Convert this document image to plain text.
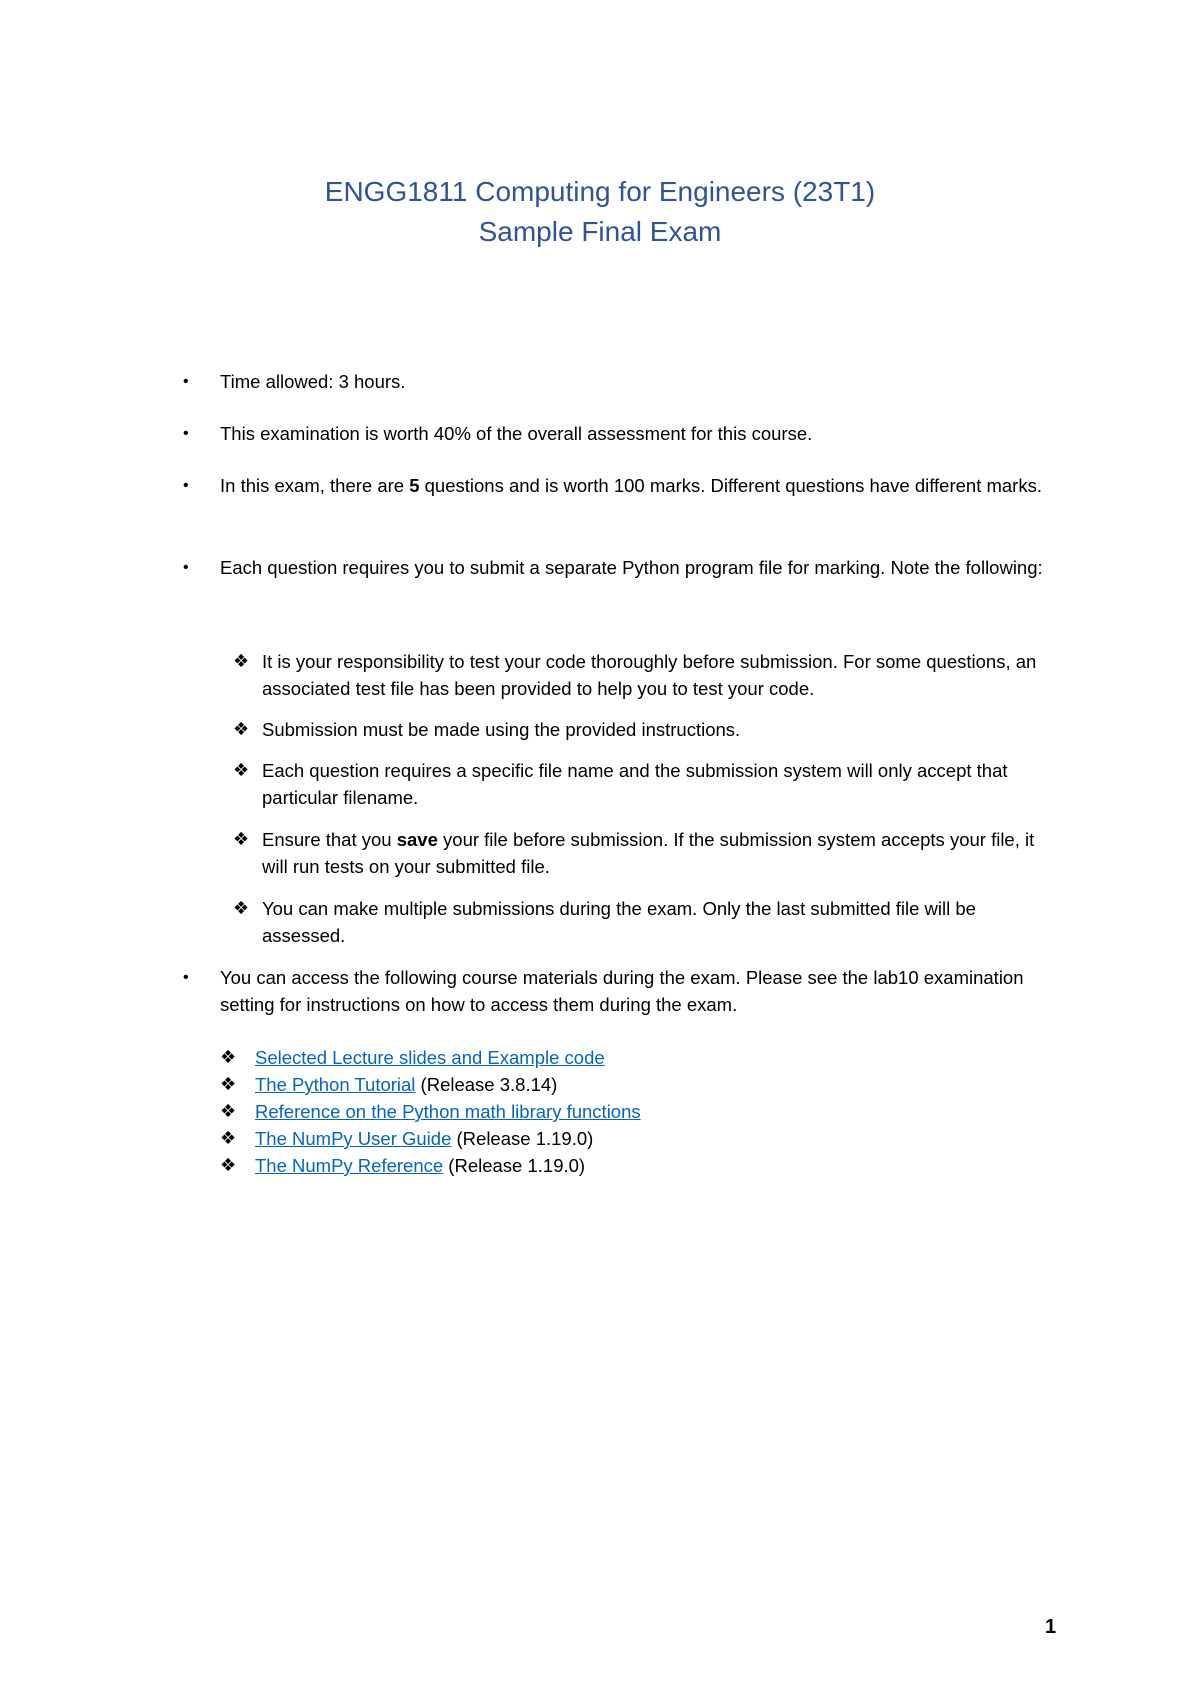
ENGG1811 Computing for Engineers (23T1)
Sample Final Exam
• Time allowed: 3 hours.
• This examination is worth 40% of the overall assessment for this course.
• In this exam, there are 5 questions and is worth 100 marks. Different questions have different marks.
• Each question requires you to submit a separate Python program file for marking. Note the following:
❖ It is your responsibility to test your code thoroughly before submission. For some questions, an associated test file has been provided to help you to test your code.
❖ Submission must be made using the provided instructions.
❖ Each question requires a specific file name and the submission system will only accept that particular filename.
❖ Ensure that you save your file before submission. If the submission system accepts your file, it will run tests on your submitted file.
❖ You can make multiple submissions during the exam. Only the last submitted file will be assessed.
• You can access the following course materials during the exam. Please see the lab10 examination setting for instructions on how to access them during the exam.
❖ Selected Lecture slides and Example code
❖ The Python Tutorial (Release 3.8.14)
❖ Reference on the Python math library functions
❖ The NumPy User Guide (Release 1.19.0)
❖ The NumPy Reference (Release 1.19.0)
1
